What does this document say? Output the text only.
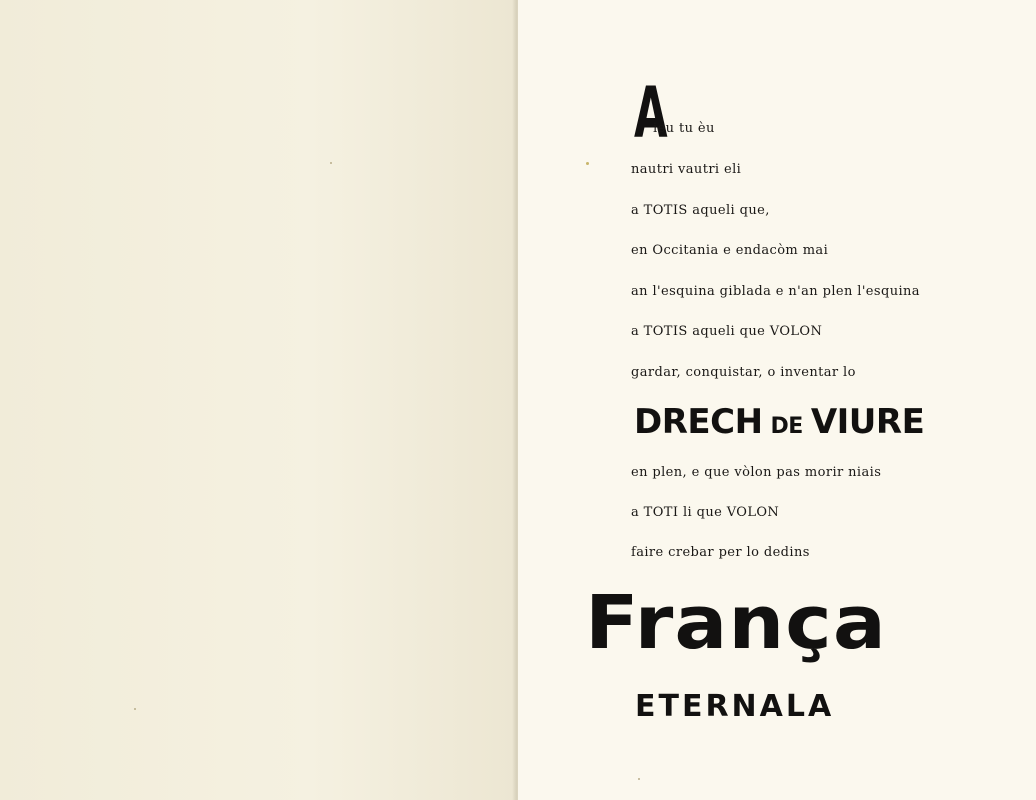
A
ieu tu èu
nautri vautri eli
a TOTIS aqueli que,
en Occitania e endacòm mai
an l'esquina giblada e n'an plen l'esquina
a TOTIS aqueli que VOLON
gardar, conquistar, o inventar lo
DRECH DE VIURE
en plen, e que vòlon pas morir niais
a TOTI li que VOLON
faire crebar per lo dedins
França
ETERNALA
